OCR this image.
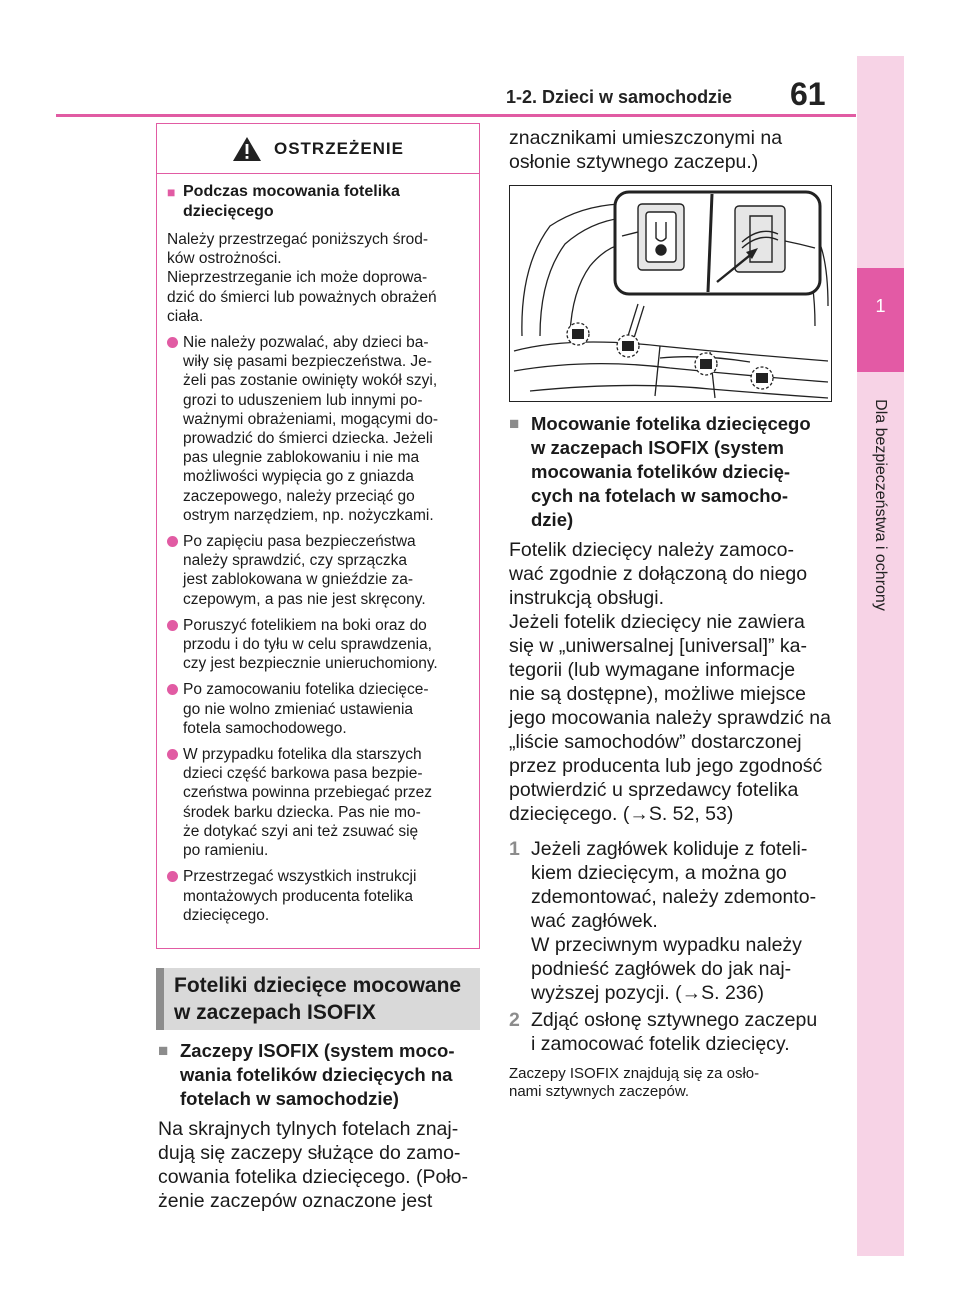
1-2. Dzieci w samochodzie 61
1
Dla bezpieczeństwa i ochrony
OSTRZEŻENIE
■ Podczas mocowania fotelika
dziecięcego
Należy przestrzegać poniższych środ-
ków ostrożności.
Nieprzestrzeganie ich może doprowa-
dzić do śmierci lub poważnych obrażeń
ciała.
Nie należy pozwalać, aby dzieci ba-
wiły się pasami bezpieczeństwa. Je-
żeli pas zostanie owinięty wokół szyi,
grozi to uduszeniem lub innymi po-
ważnymi obrażeniami, mogącymi do-
prowadzić do śmierci dziecka. Jeżeli
pas ulegnie zablokowaniu i nie ma
możliwości wypięcia go z gniazda
zaczepowego, należy przeciąć go
ostrym narzędziem, np. nożyczkami.
Po zapięciu pasa bezpieczeństwa
należy sprawdzić, czy sprzączka
jest zablokowana w gnieździe za-
czepowym, a pas nie jest skręcony.
Poruszyć fotelikiem na boki oraz do
przodu i do tyłu w celu sprawdzenia,
czy jest bezpiecznie unieruchomiony.
Po zamocowaniu fotelika dziecięce-
go nie wolno zmieniać ustawienia
fotela samochodowego.
W przypadku fotelika dla starszych
dzieci część barkowa pasa bezpie-
czeństwa powinna przebiegać przez
środek barku dziecka. Pas nie mo-
że dotykać szyi ani też zsuwać się
po ramieniu.
Przestrzegać wszystkich instrukcji
montażowych producenta fotelika
dziecięcego.
Foteliki dziecięce mocowane
w zaczepach ISOFIX
■ Zaczepy ISOFIX (system moco-
wania fotelików dziecięcych na
fotelach w samochodzie)
Na skrajnych tylnych fotelach znaj-
dują się zaczepy służące do zamo-
cowania fotelika dziecięcego. (Poło-
żenie zaczepów oznaczone jest
znacznikami umieszczonymi na
osłonie sztywnego zaczepu.)
■ Mocowanie fotelika dziecięcego
w zaczepach ISOFIX (system
mocowania fotelików dziecię-
cych na fotelach w samocho-
dzie)
Fotelik dziecięcy należy zamoco-
wać zgodnie z dołączoną do niego
instrukcją obsługi.
Jeżeli fotelik dziecięcy nie zawiera
się w „uniwersalnej [universal]” ka-
tegorii (lub wymagane informacje
nie są dostępne), możliwe miejsce
jego mocowania należy sprawdzić na
„liście samochodów” dostarczonej
przez producenta lub jego zgodność
potwierdzić u sprzedawcy fotelika
dziecięcego. (→S. 52, 53)
1 Jeżeli zagłówek koliduje z foteli-
kiem dziecięcym, a można go
zdemontować, należy zdemonto-
wać zagłówek.
W przeciwnym wypadku należy
podnieść zagłówek do jak naj-
wyższej pozycji. (→S. 236)
2 Zdjąć osłonę sztywnego zaczepu
i zamocować fotelik dziecięcy.
Zaczepy ISOFIX znajdują się za osło-
nami sztywnych zaczepów.
